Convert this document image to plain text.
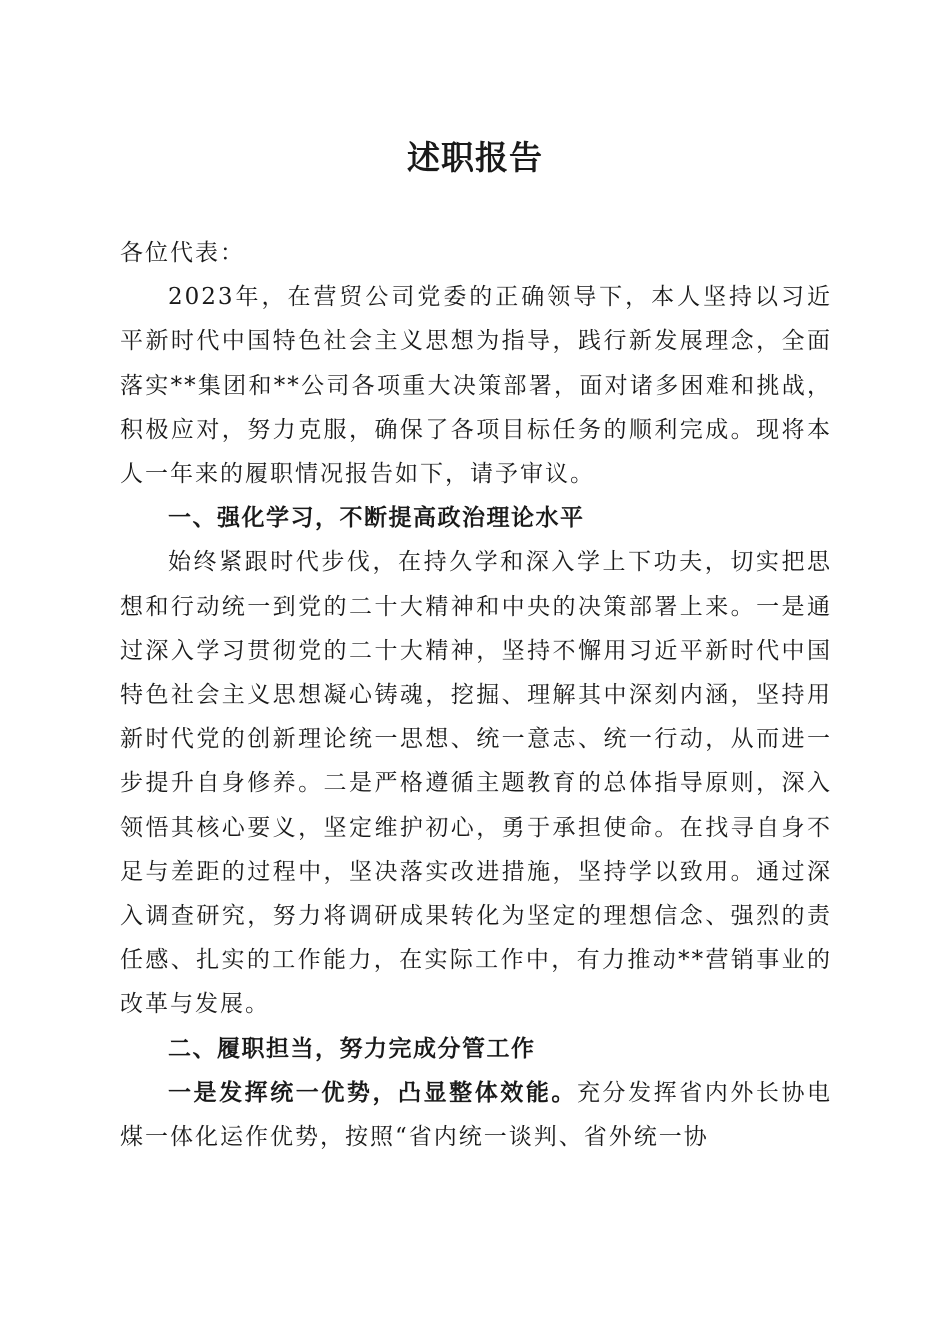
述职报告

各位代表：

2023年，在营贸公司党委的正确领导下，本人坚持以习近平新时代中国特色社会主义思想为指导，践行新发展理念，全面落实**集团和**公司各项重大决策部署，面对诸多困难和挑战，积极应对，努力克服，确保了各项目标任务的顺利完成。现将本人一年来的履职情况报告如下，请予审议。

一、强化学习，不断提高政治理论水平

始终紧跟时代步伐，在持久学和深入学上下功夫，切实把思想和行动统一到党的二十大精神和中央的决策部署上来。一是通过深入学习贯彻党的二十大精神，坚持不懈用习近平新时代中国特色社会主义思想凝心铸魂，挖掘、理解其中深刻内涵，坚持用新时代党的创新理论统一思想、统一意志、统一行动，从而进一步提升自身修养。二是严格遵循主题教育的总体指导原则，深入领悟其核心要义，坚定维护初心，勇于承担使命。在找寻自身不足与差距的过程中，坚决落实改进措施，坚持学以致用。通过深入调查研究，努力将调研成果转化为坚定的理想信念、强烈的责任感、扎实的工作能力，在实际工作中，有力推动**营销事业的改革与发展。

二、履职担当，努力完成分管工作

一是发挥统一优势，凸显整体效能。充分发挥省内外长协电煤一体化运作优势，按照“省内统一谈判、省外统一协
